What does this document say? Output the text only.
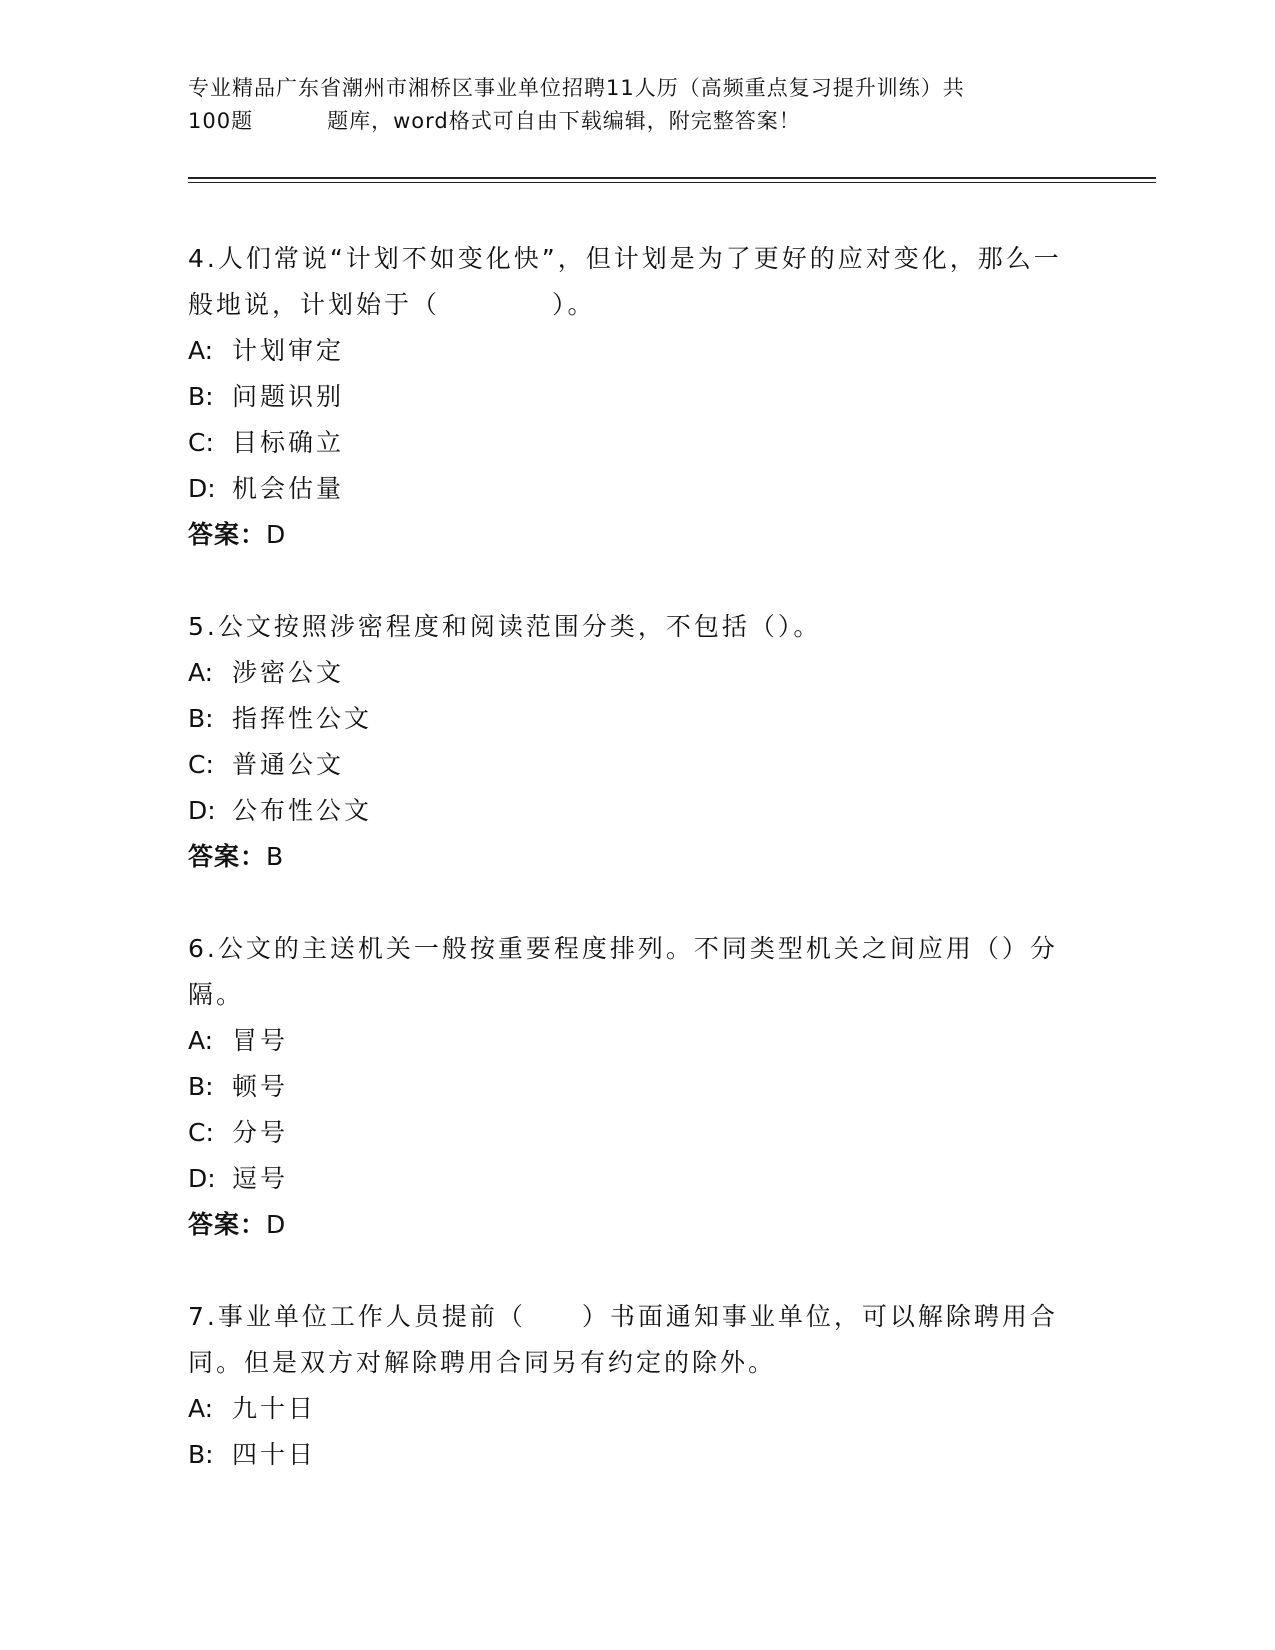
专业精品广东省潮州市湘桥区事业单位招聘11人历（高频重点复习提升训练）共
100题	题库，word格式可自由下载编辑，附完整答案！

4.人们常说“计划不如变化快”，但计划是为了更好的应对变化，那么一般地说，计划始于（　　　　）。

A: 计划审定

B: 问题识别

C: 目标确立

D: 机会估量

答案：D

5.公文按照涉密程度和阅读范围分类，不包括（）。

A: 涉密公文

B: 指挥性公文

C: 普通公文

D: 公布性公文

答案：B

6.公文的主送机关一般按重要程度排列。不同类型机关之间应用（）分隔。

A: 冒号

B: 顿号

C: 分号

D: 逗号

答案：D

7.事业单位工作人员提前（　　）书面通知事业单位，可以解除聘用合同。但是双方对解除聘用合同另有约定的除外。

A: 九十日

B: 四十日
